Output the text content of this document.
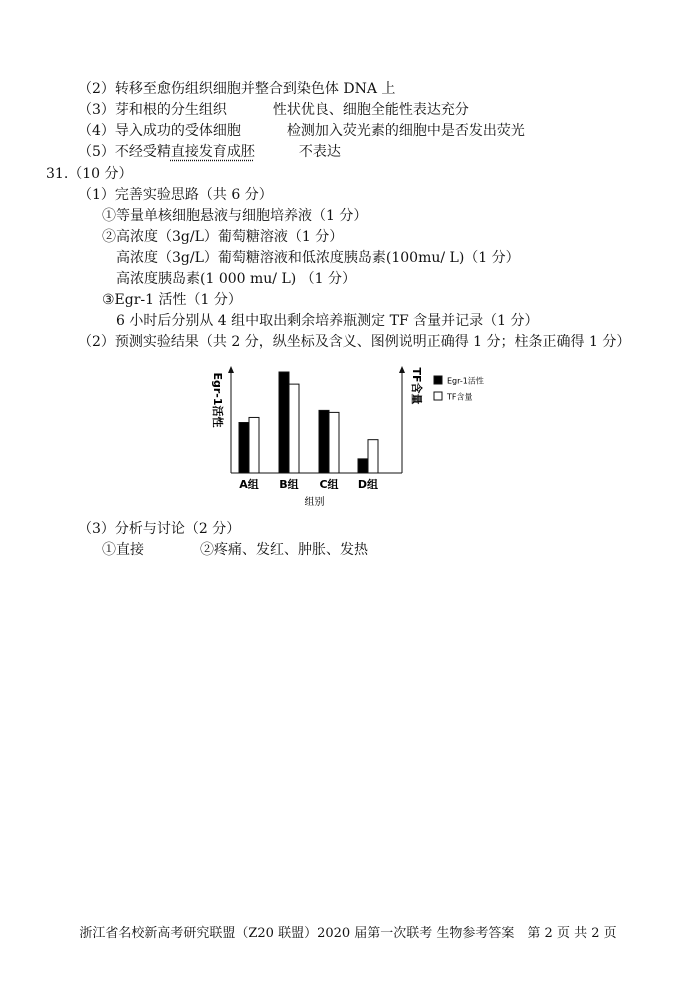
（2）转移至愈伤组织细胞并整合到染色体 DNA 上
（3）芽和根的分生组织	性状优良、细胞全能性表达充分
（4）导入成功的受体细胞	检测加入荧光素的细胞中是否发出荧光
（5）不经受精直接发育成胚	不表达
31.（10 分）
（1）完善实验思路（共 6 分）
①等量单核细胞悬液与细胞培养液（1 分）
②高浓度（3g/L）葡萄糖溶液（1 分）
高浓度（3g/L）葡萄糖溶液和低浓度胰岛素(100mu/ L)（1 分）
高浓度胰岛素(1 000 mu/ L) （1 分）
③Egr-1 活性（1 分）
6 小时后分别从 4 组中取出剩余培养瓶测定 TF 含量并记录（1 分）
（2）预测实验结果（共 2 分，纵坐标及含义、图例说明正确得 1 分；柱条正确得 1 分）
A组 B组 C组 D组
组别
Egr-1活性	TF含量	Egr-1活性
TF含量
（3）分析与讨论（2 分）
①直接	②疼痛、发红、肿胀、发热
浙江省名校新高考研究联盟（Z20 联盟）2020 届第一次联考 生物参考答案　第 2 页 共 2 页
